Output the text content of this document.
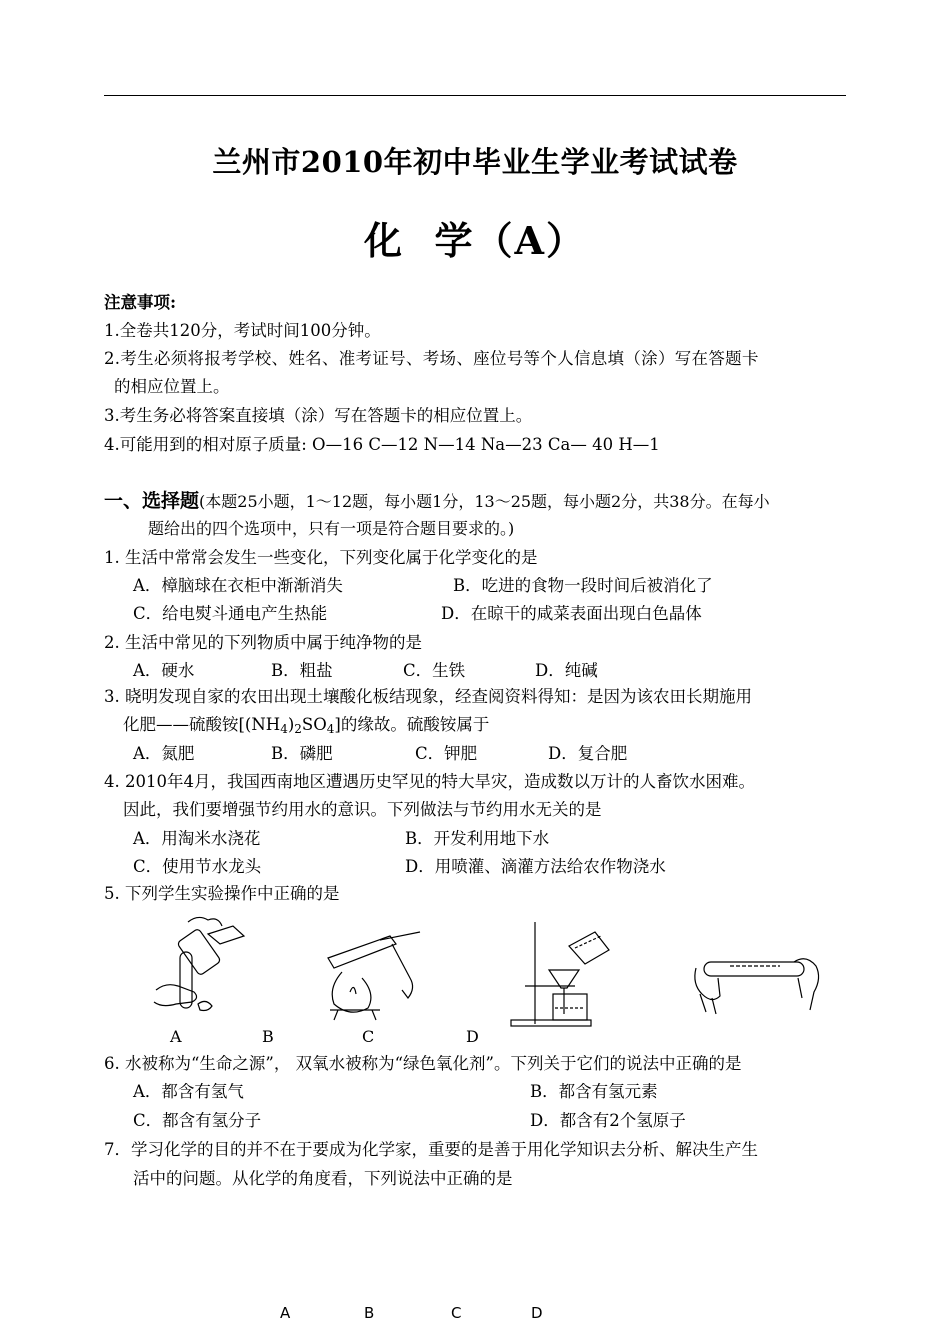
兰州市2010年初中毕业生学业考试试卷
化  学（A）
注意事项:
1.全卷共120分，考试时间100分钟。
2.考生必须将报考学校、姓名、准考证号、考场、座位号等个人信息填（涂）写在答题卡
的相应位置上。
3.考生务必将答案直接填（涂）写在答题卡的相应位置上。
4.可能用到的相对原子质量: O—16 C—12 N—14 Na—23 Ca— 40 H—1
一、选择题(本题25小题，1～12题，每小题1分，13～25题，每小题2分，共38分。在每小
题给出的四个选项中，只有一项是符合题目要求的。)
1. 生活中常常会发生一些变化，下列变化属于化学变化的是
A．樟脑球在衣柜中渐渐消失	B．吃进的食物一段时间后被消化了
C．给电熨斗通电产生热能	D．在晾干的咸菜表面出现白色晶体
2. 生活中常见的下列物质中属于纯净物的是
A．硬水	B．粗盐	C．生铁	D．纯碱
3. 晓明发现自家的农田出现土壤酸化板结现象，经查阅资料得知：是因为该农田长期施用
化肥——硫酸铵[(NH4)2SO4]的缘故。硫酸铵属于
A．氮肥	B．磷肥	C．钾肥	D．复合肥
4. 2010年4月，我国西南地区遭遇历史罕见的特大旱灾，造成数以万计的人畜饮水困难。
因此，我们要增强节约用水的意识。下列做法与节约用水无关的是
A．用淘米水浇花	B．开发利用地下水
C．使用节水龙头	D．用喷灌、滴灌方法给农作物浇水
5. 下列学生实验操作中正确的是
A	B	C	D
6. 水被称为“生命之源”， 双氧水被称为“绿色氧化剂”。下列关于它们的说法中正确的是
A．都含有氢气	B．都含有氢元素
C．都含有氢分子	D．都含有2个氢原子
7．学习化学的目的并不在于要成为化学家，重要的是善于用化学知识去分析、解决生产生
活中的问题。从化学的角度看，下列说法中正确的是
A	B	C	D
